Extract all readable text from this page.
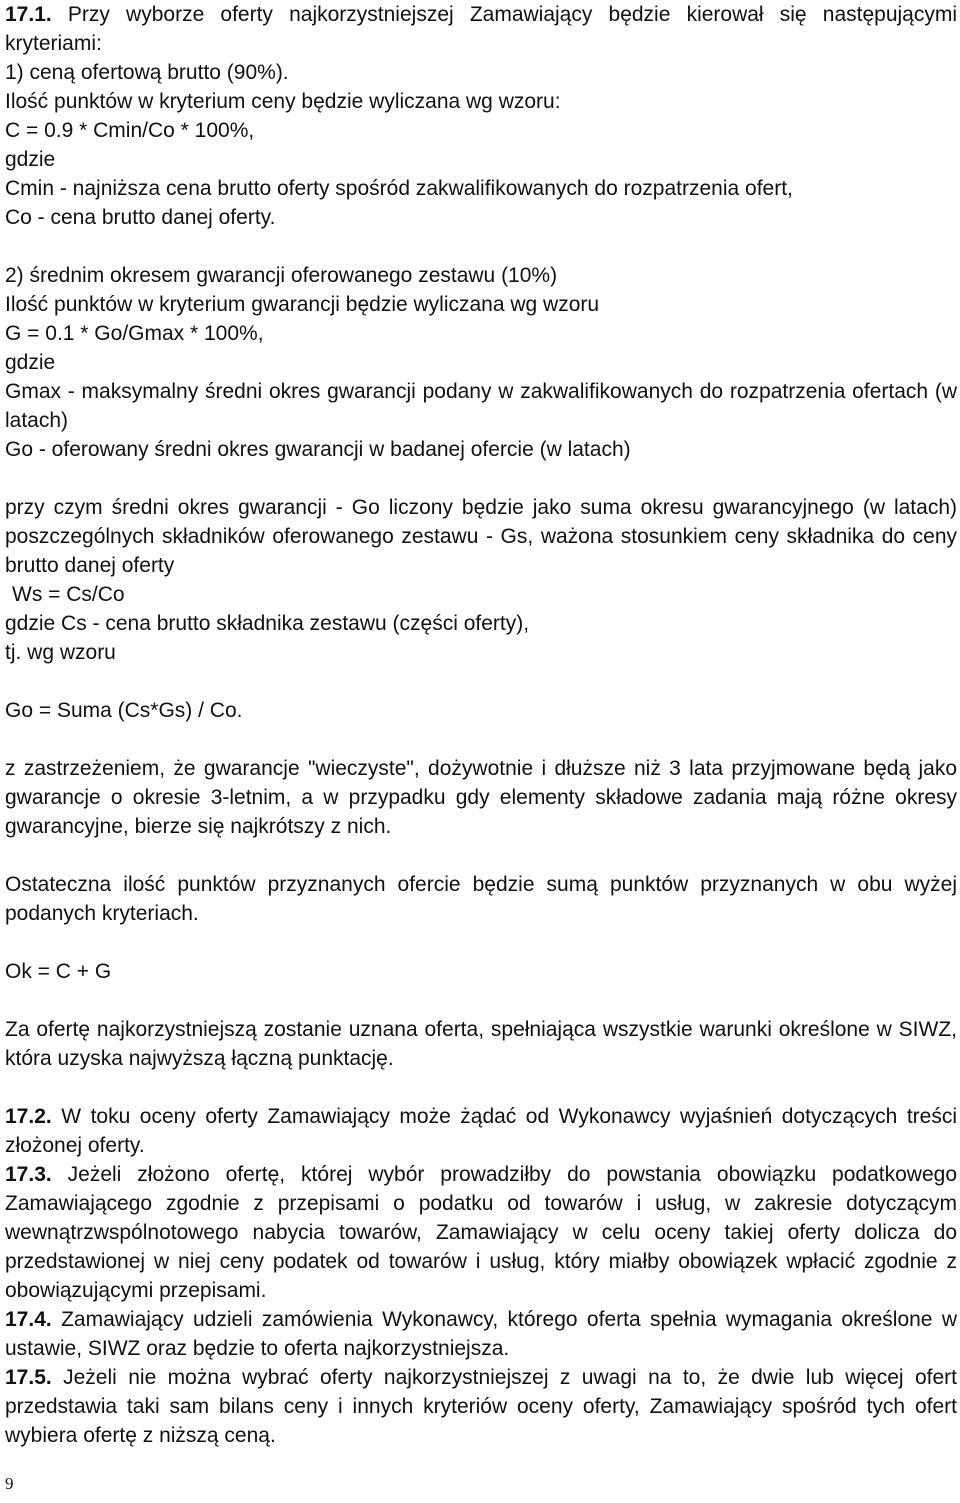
17.1. Przy wyborze oferty najkorzystniejszej Zamawiający będzie kierował się następującymi kryteriami:

1) ceną ofertową brutto (90%).

Ilość punktów w kryterium ceny będzie wyliczana wg wzoru:

C = 0.9 * Cmin/Co * 100%,

gdzie

Cmin - najniższa cena brutto oferty spośród zakwalifikowanych do rozpatrzenia ofert,

Co - cena brutto danej oferty.

2) średnim okresem gwarancji oferowanego zestawu (10%)

Ilość punktów w kryterium gwarancji będzie wyliczana wg wzoru

G = 0.1 * Go/Gmax * 100%,

gdzie

Gmax - maksymalny średni okres gwarancji podany w zakwalifikowanych do rozpatrzenia ofertach (w latach)

Go - oferowany średni okres gwarancji w badanej ofercie (w latach)

przy czym średni okres gwarancji - Go liczony będzie jako suma okresu gwarancyjnego (w latach) poszczególnych składników oferowanego zestawu - Gs, ważona stosunkiem ceny składnika do ceny brutto danej oferty

Ws = Cs/Co

gdzie Cs - cena brutto składnika zestawu (części oferty),

tj. wg wzoru

Go = Suma (Cs*Gs) / Co.

z zastrzeżeniem, że gwarancje "wieczyste", dożywotnie i dłuższe niż 3 lata przyjmowane będą jako gwarancje o okresie 3-letnim, a w przypadku gdy elementy składowe zadania mają różne okresy gwarancyjne, bierze się najkrótszy z nich.

Ostateczna ilość punktów przyznanych ofercie będzie sumą punktów przyznanych w obu wyżej podanych kryteriach.

Ok = C + G

Za ofertę najkorzystniejszą zostanie uznana oferta, spełniająca wszystkie warunki określone w SIWZ, która uzyska najwyższą łączną punktację.

17.2. W toku oceny oferty Zamawiający może żądać od Wykonawcy wyjaśnień dotyczących treści złożonej oferty.

17.3. Jeżeli złożono ofertę, której wybór prowadziłby do powstania obowiązku podatkowego Zamawiającego zgodnie z przepisami o podatku od towarów i usług, w zakresie dotyczącym wewnątrzwspólnotowego nabycia towarów, Zamawiający w celu oceny takiej oferty dolicza do przedstawionej w niej ceny podatek od towarów i usług, który miałby obowiązek wpłacić zgodnie z obowiązującymi przepisami.

17.4. Zamawiający udzieli zamówienia Wykonawcy, którego oferta spełnia wymagania określone w ustawie, SIWZ oraz będzie to oferta najkorzystniejsza.

17.5. Jeżeli nie można wybrać oferty najkorzystniejszej z uwagi na to, że dwie lub więcej ofert przedstawia taki sam bilans ceny i innych kryteriów oceny oferty, Zamawiający spośród tych ofert wybiera ofertę z niższą ceną.

9
